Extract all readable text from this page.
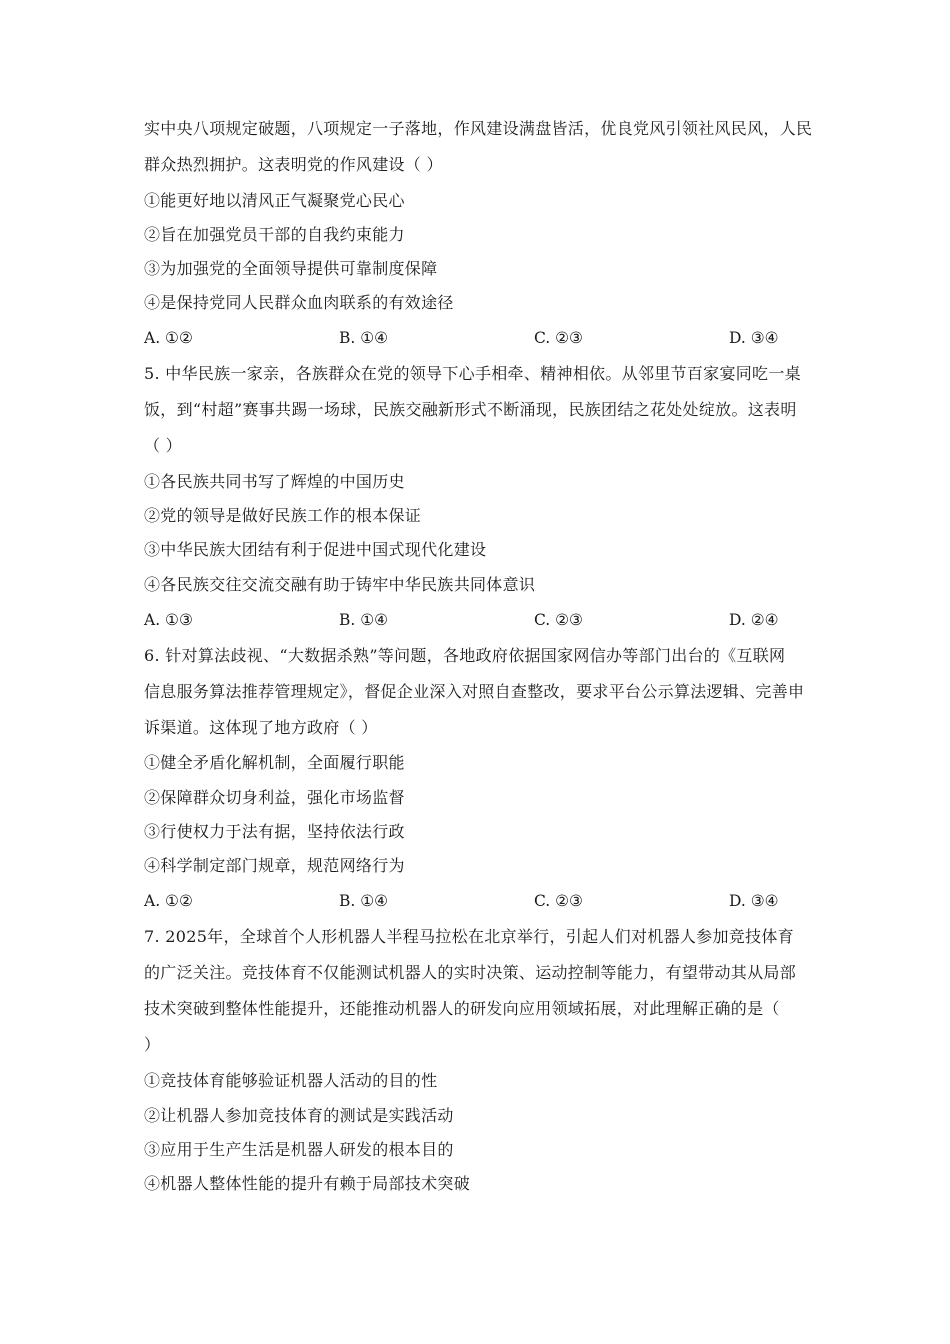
实中央八项规定破题，八项规定一子落地，作风建设满盘皆活，优良党风引领社风民风，人民
群众热烈拥护。这表明党的作风建设（ ）
①能更好地以清风正气凝聚党心民心
②旨在加强党员干部的自我约束能力
③为加强党的全面领导提供可靠制度保障
④是保持党同人民群众血肉联系的有效途径
A. ①②	B. ①④	C. ②③	D. ③④
5. 中华民族一家亲，各族群众在党的领导下心手相牵、精神相依。从邻里节百家宴同吃一桌
饭，到“村超”赛事共踢一场球，民族交融新形式不断涌现，民族团结之花处处绽放。这表明
（ ）
①各民族共同书写了辉煌的中国历史
②党的领导是做好民族工作的根本保证
③中华民族大团结有利于促进中国式现代化建设
④各民族交往交流交融有助于铸牢中华民族共同体意识
A. ①③	B. ①④	C. ②③	D. ②④
6. 针对算法歧视、“大数据杀熟”等问题，各地政府依据国家网信办等部门出台的《互联网
信息服务算法推荐管理规定》，督促企业深入对照自查整改，要求平台公示算法逻辑、完善申
诉渠道。这体现了地方政府（ ）
①健全矛盾化解机制，全面履行职能
②保障群众切身利益，强化市场监督
③行使权力于法有据，坚持依法行政
④科学制定部门规章，规范网络行为
A. ①②	B. ①④	C. ②③	D. ③④
7. 2025年，全球首个人形机器人半程马拉松在北京举行，引起人们对机器人参加竞技体育
的广泛关注。竞技体育不仅能测试机器人的实时决策、运动控制等能力，有望带动其从局部
技术突破到整体性能提升，还能推动机器人的研发向应用领域拓展，对此理解正确的是（
）
①竞技体育能够验证机器人活动的目的性
②让机器人参加竞技体育的测试是实践活动
③应用于生产生活是机器人研发的根本目的
④机器人整体性能的提升有赖于局部技术突破
